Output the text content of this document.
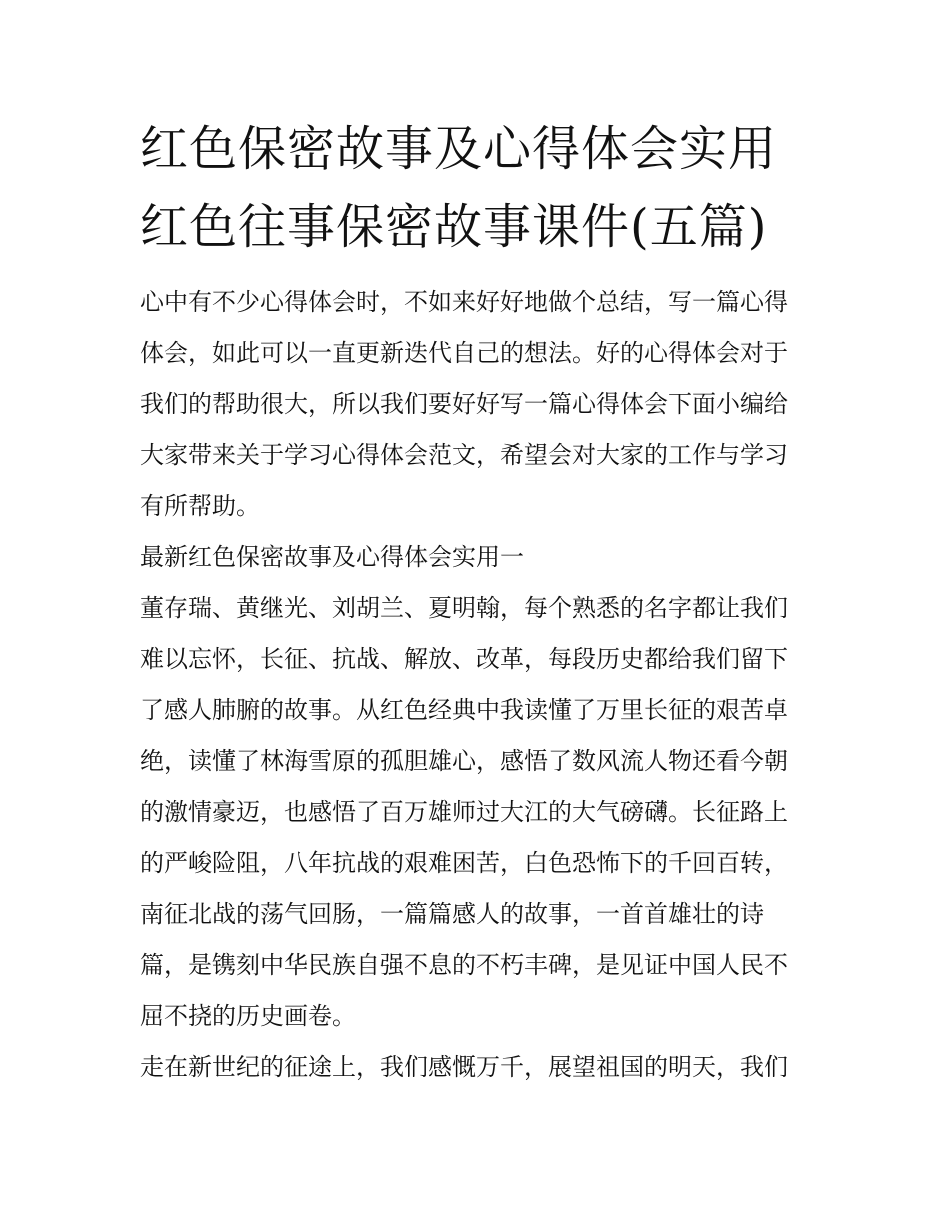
红色保密故事及心得体会实用
红色往事保密故事课件(五篇)

心中有不少心得体会时，不如来好好地做个总结，写一篇心得
体会，如此可以一直更新迭代自己的想法。好的心得体会对于
我们的帮助很大，所以我们要好好写一篇心得体会下面小编给
大家带来关于学习心得体会范文，希望会对大家的工作与学习
有所帮助。

最新红色保密故事及心得体会实用一

董存瑞、黄继光、刘胡兰、夏明翰，每个熟悉的名字都让我们
难以忘怀，长征、抗战、解放、改革，每段历史都给我们留下
了感人肺腑的故事。从红色经典中我读懂了万里长征的艰苦卓
绝，读懂了林海雪原的孤胆雄心，感悟了数风流人物还看今朝
的激情豪迈，也感悟了百万雄师过大江的大气磅礴。长征路上
的严峻险阻，八年抗战的艰难困苦，白色恐怖下的千回百转，
南征北战的荡气回肠，一篇篇感人的故事，一首首雄壮的诗
篇，是镌刻中华民族自强不息的不朽丰碑，是见证中国人民不
屈不挠的历史画卷。

走在新世纪的征途上，我们感慨万千，展望祖国的明天，我们
